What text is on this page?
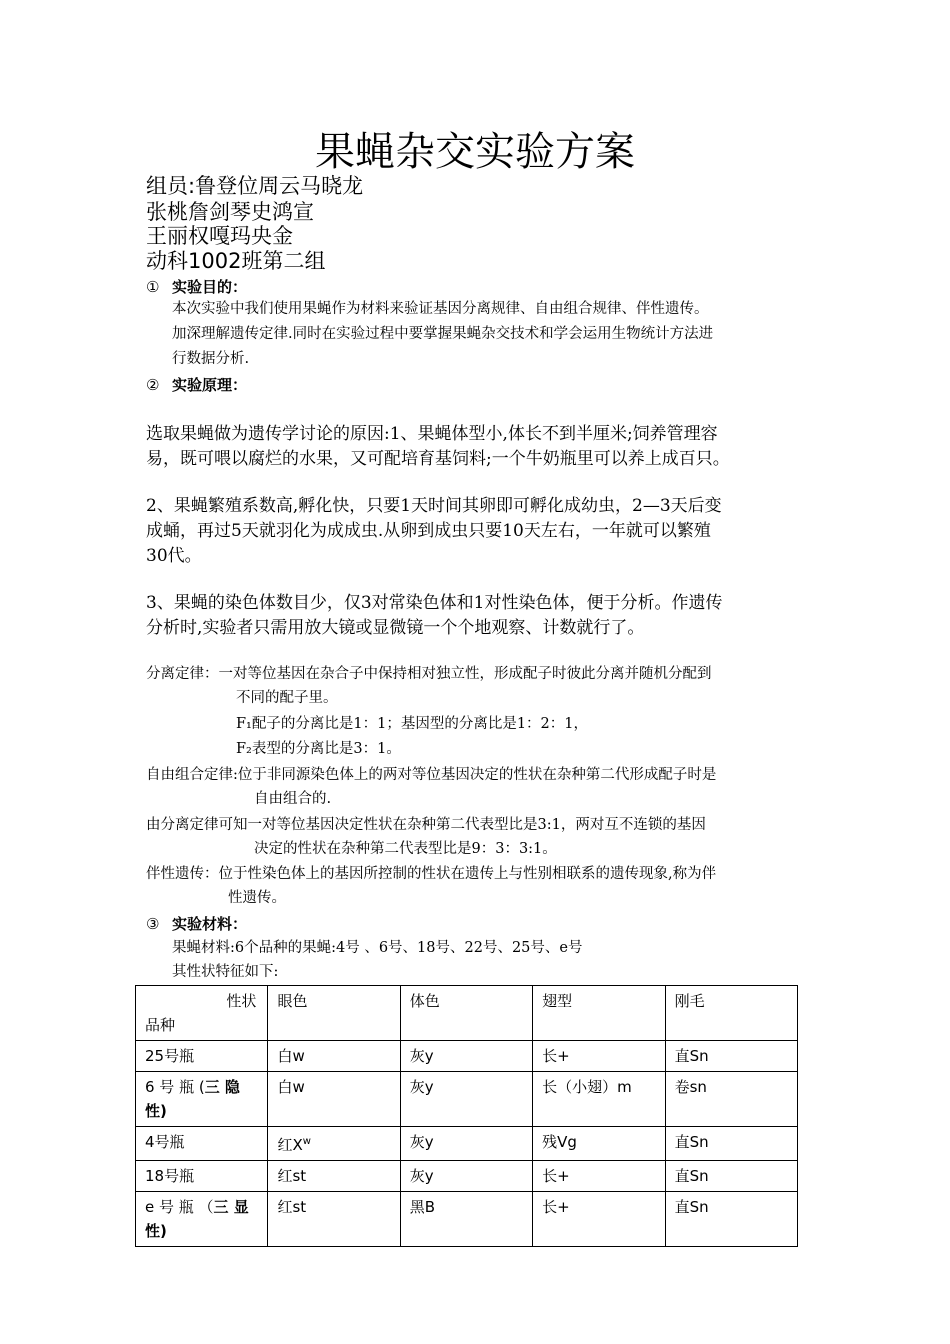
果蝇杂交实验方案
组员:鲁登位周云马晓龙
张桃詹剑琴史鸿宣
王丽权嘎玛央金
动科1002班第二组
① 实验目的：
本次实验中我们使用果蝇作为材料来验证基因分离规律、自由组合规律、伴性遗传。
加深理解遗传定律.同时在实验过程中要掌握果蝇杂交技术和学会运用生物统计方法进
行数据分析.
② 实验原理：
选取果蝇做为遗传学讨论的原因:1、果蝇体型小,体长不到半厘米;饲养管理容
易，既可喂以腐烂的水果，又可配培育基饲料;一个牛奶瓶里可以养上成百只。
2、果蝇繁殖系数高,孵化快，只要1天时间其卵即可孵化成幼虫，2—3天后变
成蛹，再过5天就羽化为成成虫.从卵到成虫只要10天左右，一年就可以繁殖
30代。
3、果蝇的染色体数目少，仅3对常染色体和1对性染色体，便于分析。作遗传
分析时,实验者只需用放大镜或显微镜一个个地观察、计数就行了。
分离定律：一对等位基因在杂合子中保持相对独立性，形成配子时彼此分离并随机分配到
不同的配子里。
F₁配子的分离比是1：1；基因型的分离比是1：2：1，
F₂表型的分离比是3：1。
自由组合定律:位于非同源染色体上的两对等位基因决定的性状在杂种第二代形成配子时是
自由组合的.
由分离定律可知一对等位基因决定性状在杂种第二代表型比是3:1，两对互不连锁的基因
决定的性状在杂种第二代表型比是9：3：3:1。
伴性遗传：位于性染色体上的基因所控制的性状在遗传上与性别相联系的遗传现象,称为伴
性遗传。
③ 实验材料：
果蝇材料:6个品种的果蝇:4号 、6号、18号、22号、25号、e号
其性状特征如下:
性状
品种	眼色	体色	翅型	刚毛
25号瓶	白w	灰y	长+	直Sn
6 号 瓶 (三 隐
性)	白w	灰y	长（小翅）m	卷sn
4号瓶	红$X^w$	灰y	残Vg	直Sn
18号瓶	红st	灰y	长+	直Sn
e 号 瓶 （三 显
性)	红st	黑B	长+	直Sn
